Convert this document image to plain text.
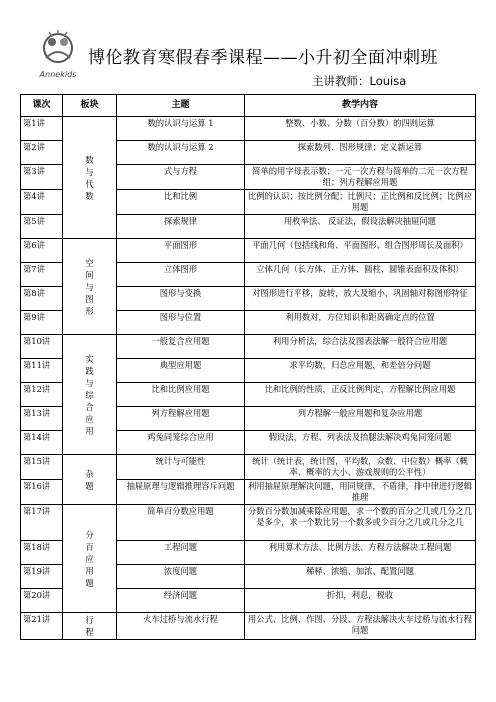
Annekids
博伦教育寒假春季课程——小升初全面冲刺班
主讲教师：Louisa
课次	板块	主题	教学内容
第1讲	数与代数	数的认识与运算 1	整数、小数、分数（百分数）的四则运算
第2讲		数的认识与运算 2	探索数列、图形规律；定义新运算
第3讲		式与方程	简单的用字母表示数；一元一次方程与简单的二元一次方程组；列方程解应用题
第4讲		比和比例	比例的认识；按比例分配；比例尺；正比例和反比例；比例应用题
第5讲		探索规律	用枚举法、 反证法，假设法解决抽屉问题
第6讲	空间与图形	平面图形	平面几何（包括线和角、平面图形、组合图形周长及面积）
第7讲		立体图形	立体几何（长方体、正方体、圆柱、圆锥表面积及体积）
第8讲		图形与变换	对图形进行平移，旋转，放大及缩小，巩固轴对称图形特征
第9讲		图形与位置	利用数对，方位知识和距离确定点的位置
第10讲	实践与综合应用	一般复合应用题	利用分析法，综合法及图表法解一般符合应用题
第11讲		典型应用题	求平均数，归总应用题，和差倍分问题
第12讲		比和比例应用题	比和比例的性质，正反比例判定，方程解比例应用题
第13讲		列方程解应用题	列方程解一般应用题和复杂应用题
第14讲		鸡兔同笼综合应用	假设法，方程、列表法及抬腿法解决鸡兔同笼问题
第15讲	杂题	统计与可能性	统计（统计表，统计图，平均数，众数、中位数）概率（概率、概率的大小、游戏规则的公平性）
第16讲		抽屉原理与逻辑推理容斥问题	利用抽屉原理解决问题，用同规律，不盾律，排中律进行逻辑推理
第17讲	分百应用题	简单百分数应用题	分数百分数加减乘除应用题，求一个数的百分之几或几分之几是多少，求一个数比另一个数多或少百分之几或几分之几
第18讲		工程问题	利用算术方法、比例方法、方程方法解决工程问题
第19讲		浓度问题	稀释、浓缩、加浓、配置问题
第20讲		经济问题	折扣，利息，税收
第21讲	行程	火车过桥与流水行程	用公式、比例、作图、分段、方程法解决火车过桥与流水行程问题
